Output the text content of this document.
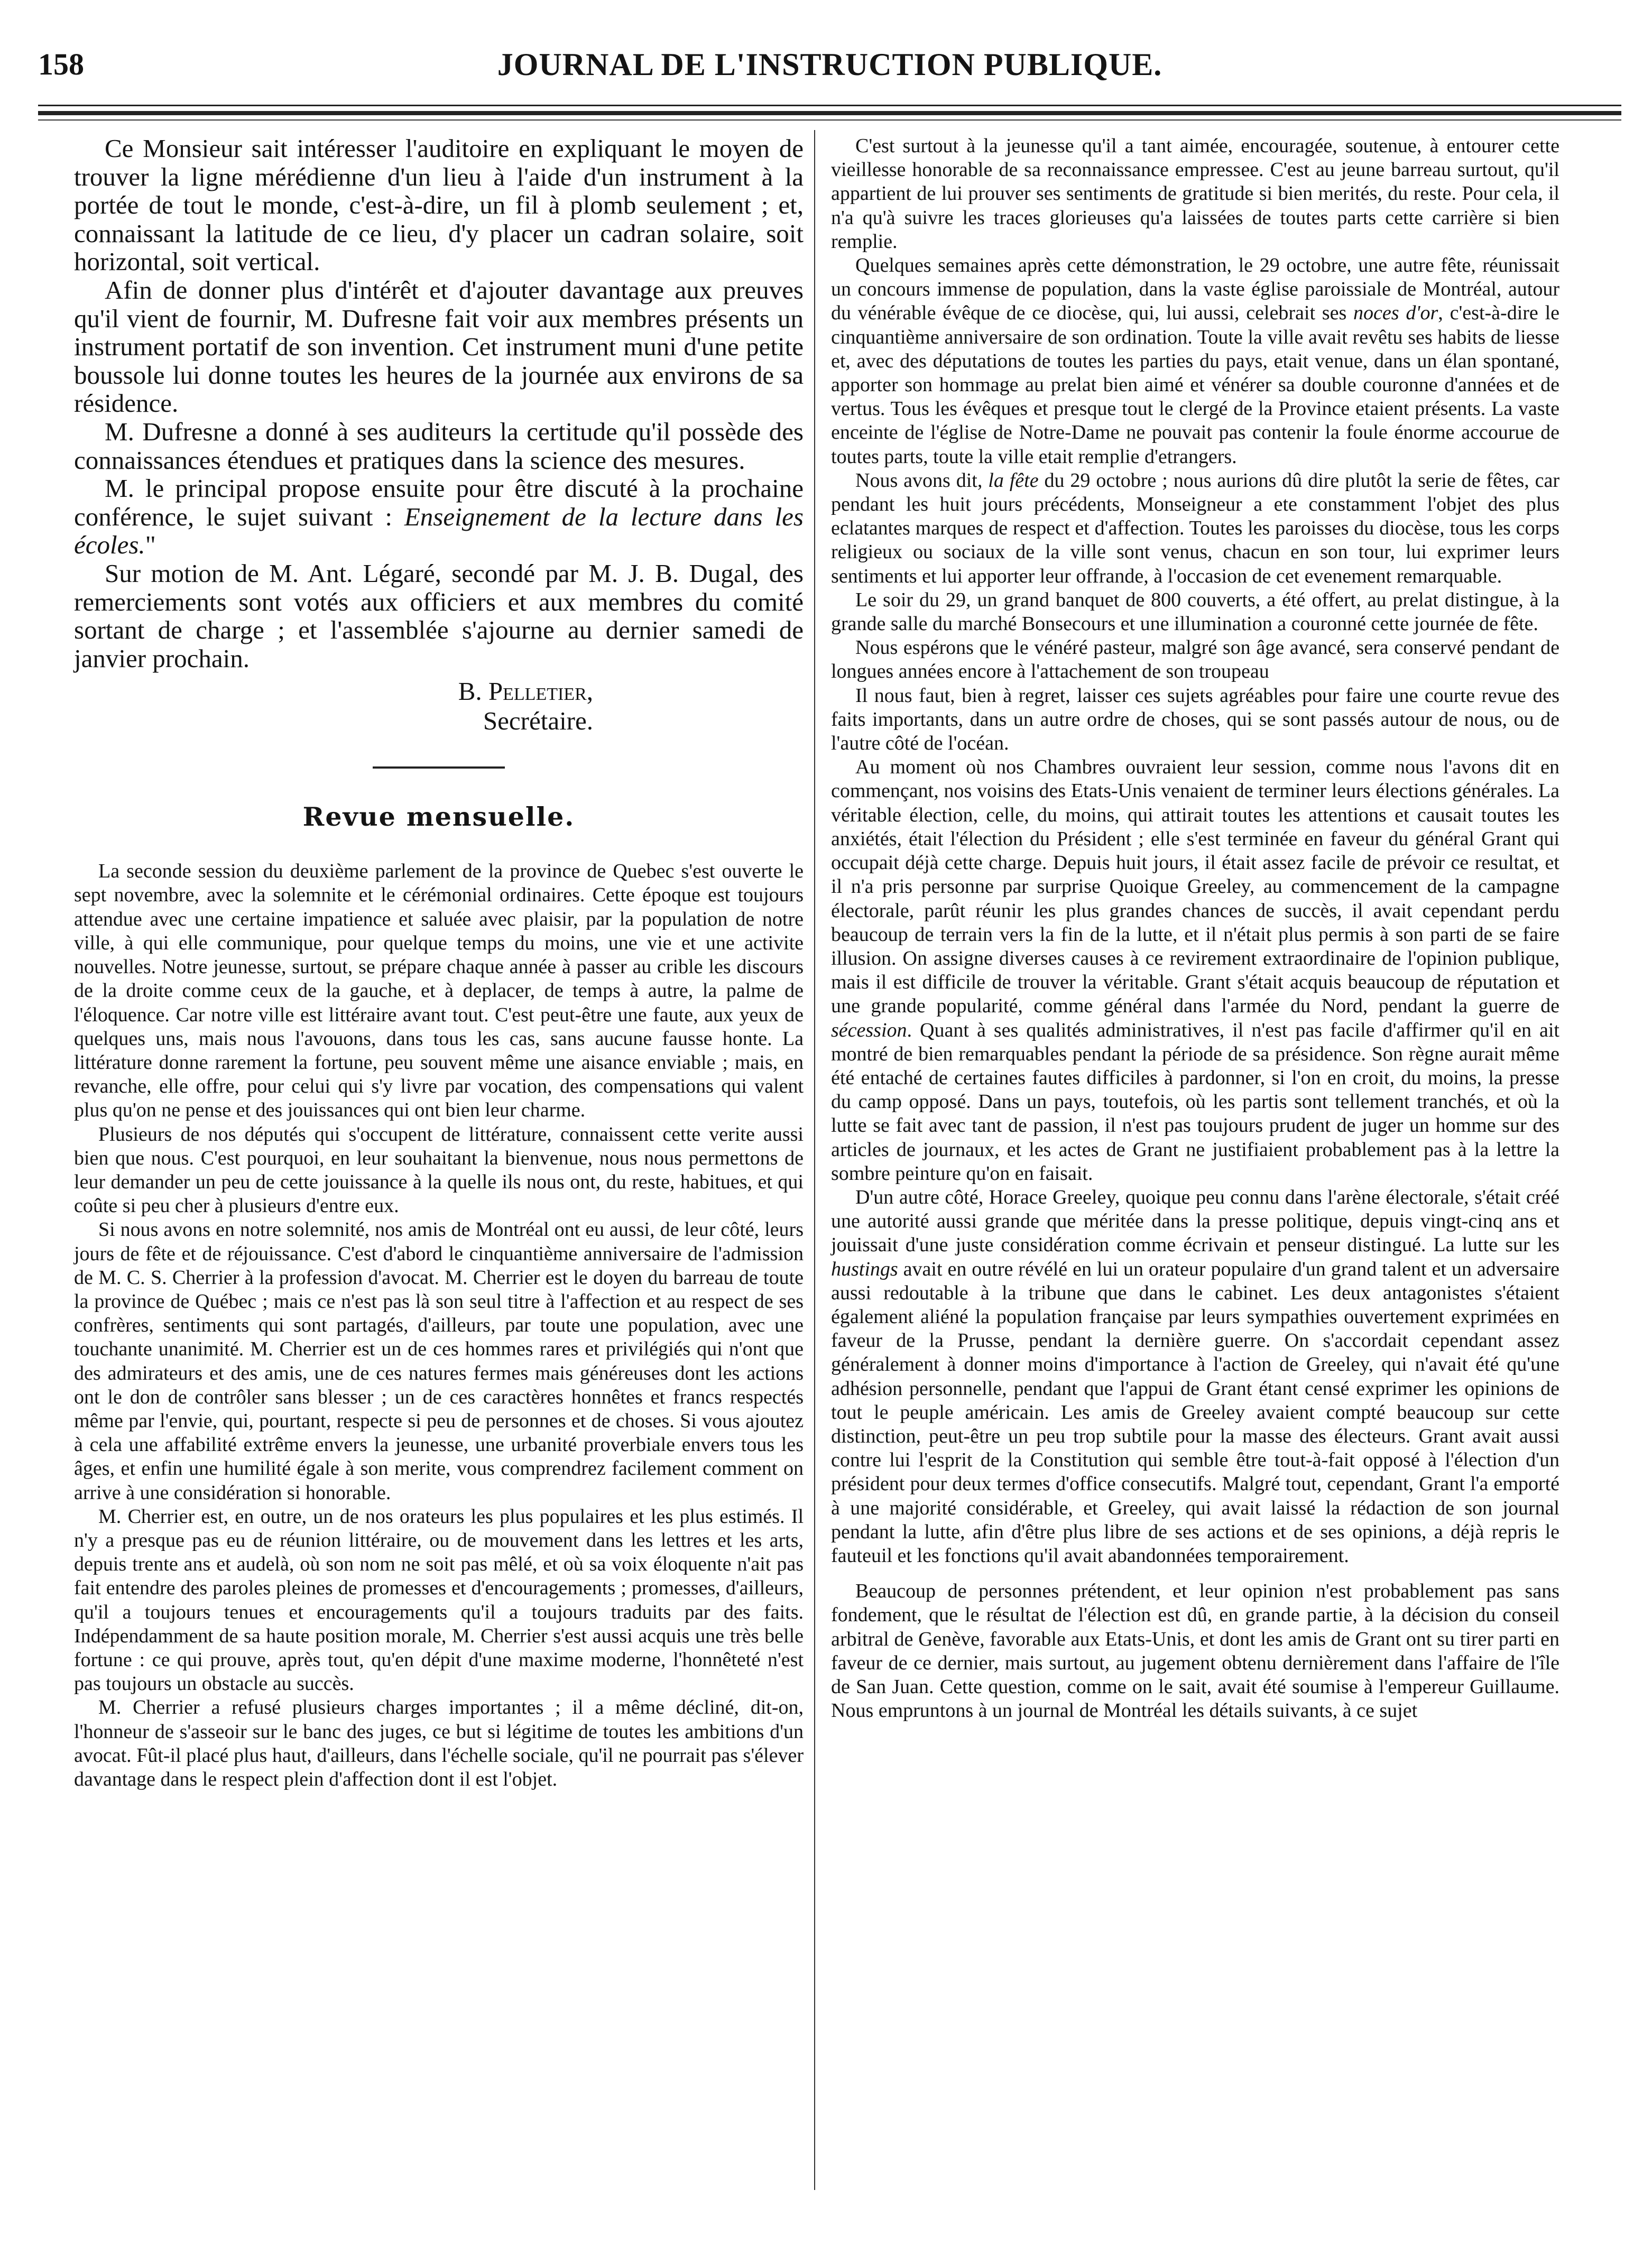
158	JOURNAL DE L'INSTRUCTION PUBLIQUE.

Ce Monsieur sait intéresser l'auditoire en expliquant le moyen de trouver la ligne mérédienne d'un lieu à l'aide d'un instrument à la portée de tout le monde, c'est-à-dire, un fil à plomb seulement ; et, connaissant la latitude de ce lieu, d'y placer un cadran solaire, soit horizontal, soit vertical.

Afin de donner plus d'intérêt et d'ajouter davantage aux preuves qu'il vient de fournir, M. Dufresne fait voir aux membres présents un instrument portatif de son invention. Cet instrument muni d'une petite boussole lui donne toutes les heures de la journée aux environs de sa résidence.

M. Dufresne a donné à ses auditeurs la certitude qu'il possède des connaissances étendues et pratiques dans la science des mesures.

M. le principal propose ensuite pour être discuté à la prochaine conférence, le sujet suivant : Enseignement de la lecture dans les écoles."

Sur motion de M. Ant. Légaré, secondé par M. J. B. Dugal, des remerciements sont votés aux officiers et aux membres du comité sortant de charge ; et l'assemblée s'ajourne au dernier samedi de janvier prochain.

B. Pelletier,
Secrétaire.
Revue mensuelle.

La seconde session du deuxième parlement de la province de Quebec s'est ouverte le sept novembre, avec la solemnite et le cérémonial ordinaires. Cette époque est toujours attendue avec une certaine impatience et saluée avec plaisir, par la population de notre ville, à qui elle communique, pour quelque temps du moins, une vie et une activite nouvelles. Notre jeunesse, surtout, se prépare chaque année à passer au crible les discours de la droite comme ceux de la gauche, et à deplacer, de temps à autre, la palme de l'éloquence. Car notre ville est littéraire avant tout. C'est peut-être une faute, aux yeux de quelques uns, mais nous l'avouons, dans tous les cas, sans aucune fausse honte. La littérature donne rarement la fortune, peu souvent même une aisance enviable ; mais, en revanche, elle offre, pour celui qui s'y livre par vocation, des compensations qui valent plus qu'on ne pense et des jouissances qui ont bien leur charme.

Plusieurs de nos députés qui s'occupent de littérature, connaissent cette verite aussi bien que nous. C'est pourquoi, en leur souhaitant la bienvenue, nous nous permettons de leur demander un peu de cette jouissance à la quelle ils nous ont, du reste, habitues, et qui coûte si peu cher à plusieurs d'entre eux.

Si nous avons en notre solemnité, nos amis de Montréal ont eu aussi, de leur côté, leurs jours de fête et de réjouissance. C'est d'abord le cinquantième anniversaire de l'admission de M. C. S. Cherrier à la profession d'avocat. M. Cherrier est le doyen du barreau de toute la province de Québec ; mais ce n'est pas là son seul titre à l'affection et au respect de ses confrères, sentiments qui sont partagés, d'ailleurs, par toute une population, avec une touchante unanimité. M. Cherrier est un de ces hommes rares et privilégiés qui n'ont que des admirateurs et des amis, une de ces natures fermes mais généreuses dont les actions ont le don de contrôler sans blesser ; un de ces caractères honnêtes et francs respectés même par l'envie, qui, pourtant, respecte si peu de personnes et de choses. Si vous ajoutez à cela une affabilité extrême envers la jeunesse, une urbanité proverbiale envers tous les âges, et enfin une humilité égale à son merite, vous comprendrez facilement comment on arrive à une considération si honorable.

M. Cherrier est, en outre, un de nos orateurs les plus populaires et les plus estimés. Il n'y a presque pas eu de réunion littéraire, ou de mouvement dans les lettres et les arts, depuis trente ans et audelà, où son nom ne soit pas mêlé, et où sa voix éloquente n'ait pas fait entendre des paroles pleines de promesses et d'encouragements ; promesses, d'ailleurs, qu'il a toujours tenues et encouragements qu'il a toujours traduits par des faits. Indépendamment de sa haute position morale, M. Cherrier s'est aussi acquis une très belle fortune : ce qui prouve, après tout, qu'en dépit d'une maxime moderne, l'honnêteté n'est pas toujours un obstacle au succès.

M. Cherrier a refusé plusieurs charges importantes ; il a même décliné, dit-on, l'honneur de s'asseoir sur le banc des juges, ce but si légitime de toutes les ambitions d'un avocat. Fût-il placé plus haut, d'ailleurs, dans l'échelle sociale, qu'il ne pourrait pas s'élever davantage dans le respect plein d'affection dont il est l'objet.

C'est surtout à la jeunesse qu'il a tant aimée, encouragée, soutenue, à entourer cette vieillesse honorable de sa reconnaissance empressee. C'est au jeune barreau surtout, qu'il appartient de lui prouver ses sentiments de gratitude si bien merités, du reste. Pour cela, il n'a qu'à suivre les traces glorieuses qu'a laissées de toutes parts cette carrière si bien remplie.

Quelques semaines après cette démonstration, le 29 octobre, une autre fête, réunissait un concours immense de population, dans la vaste église paroissiale de Montréal, autour du vénérable évêque de ce diocèse, qui, lui aussi, celebrait ses noces d'or, c'est-à-dire le cinquantième anniversaire de son ordination. Toute la ville avait revêtu ses habits de liesse et, avec des députations de toutes les parties du pays, etait venue, dans un élan spontané, apporter son hommage au prelat bien aimé et vénérer sa double couronne d'années et de vertus. Tous les évêques et presque tout le clergé de la Province etaient présents. La vaste enceinte de l'église de Notre-Dame ne pouvait pas contenir la foule énorme accourue de toutes parts, toute la ville etait remplie d'etrangers.

Nous avons dit, la fête du 29 octobre ; nous aurions dû dire plutôt la serie de fêtes, car pendant les huit jours précédents, Monseigneur a ete constamment l'objet des plus eclatantes marques de respect et d'affection. Toutes les paroisses du diocèse, tous les corps religieux ou sociaux de la ville sont venus, chacun en son tour, lui exprimer leurs sentiments et lui apporter leur offrande, à l'occasion de cet evenement remarquable.

Le soir du 29, un grand banquet de 800 couverts, a été offert, au prelat distingue, à la grande salle du marché Bonsecours et une illumination a couronné cette journée de fête.

Nous espérons que le vénéré pasteur, malgré son âge avancé, sera conservé pendant de longues années encore à l'attachement de son troupeau

Il nous faut, bien à regret, laisser ces sujets agréables pour faire une courte revue des faits importants, dans un autre ordre de choses, qui se sont passés autour de nous, ou de l'autre côté de l'océan.

Au moment où nos Chambres ouvraient leur session, comme nous l'avons dit en commençant, nos voisins des Etats-Unis venaient de terminer leurs élections générales. La véritable élection, celle, du moins, qui attirait toutes les attentions et causait toutes les anxiétés, était l'élection du Président ; elle s'est terminée en faveur du général Grant qui occupait déjà cette charge. Depuis huit jours, il était assez facile de prévoir ce resultat, et il n'a pris personne par surprise Quoique Greeley, au commencement de la campagne électorale, parût réunir les plus grandes chances de succès, il avait cependant perdu beaucoup de terrain vers la fin de la lutte, et il n'était plus permis à son parti de se faire illusion. On assigne diverses causes à ce revirement extraordinaire de l'opinion publique, mais il est difficile de trouver la véritable. Grant s'était acquis beaucoup de réputation et une grande popularité, comme général dans l'armée du Nord, pendant la guerre de sécession. Quant à ses qualités administratives, il n'est pas facile d'affirmer qu'il en ait montré de bien remarquables pendant la période de sa présidence. Son règne aurait même été entaché de certaines fautes difficiles à pardonner, si l'on en croit, du moins, la presse du camp opposé. Dans un pays, toutefois, où les partis sont tellement tranchés, et où la lutte se fait avec tant de passion, il n'est pas toujours prudent de juger un homme sur des articles de journaux, et les actes de Grant ne justifiaient probablement pas à la lettre la sombre peinture qu'on en faisait.

D'un autre côté, Horace Greeley, quoique peu connu dans l'arène électorale, s'était créé une autorité aussi grande que méritée dans la presse politique, depuis vingt-cinq ans et jouissait d'une juste considération comme écrivain et penseur distingué. La lutte sur les hustings avait en outre révélé en lui un orateur populaire d'un grand talent et un adversaire aussi redoutable à la tribune que dans le cabinet. Les deux antagonistes s'étaient également aliéné la population française par leurs sympathies ouvertement exprimées en faveur de la Prusse, pendant la dernière guerre. On s'accordait cependant assez généralement à donner moins d'importance à l'action de Greeley, qui n'avait été qu'une adhésion personnelle, pendant que l'appui de Grant étant censé exprimer les opinions de tout le peuple américain. Les amis de Greeley avaient compté beaucoup sur cette distinction, peut-être un peu trop subtile pour la masse des électeurs. Grant avait aussi contre lui l'esprit de la Constitution qui semble être tout-à-fait opposé à l'élection d'un président pour deux termes d'office consecutifs. Malgré tout, cependant, Grant l'a emporté à une majorité considérable, et Greeley, qui avait laissé la rédaction de son journal pendant la lutte, afin d'être plus libre de ses actions et de ses opinions, a déjà repris le fauteuil et les fonctions qu'il avait abandonnées temporairement.

Beaucoup de personnes prétendent, et leur opinion n'est probablement pas sans fondement, que le résultat de l'élection est dû, en grande partie, à la décision du conseil arbitral de Genève, favorable aux Etats-Unis, et dont les amis de Grant ont su tirer parti en faveur de ce dernier, mais surtout, au jugement obtenu dernièrement dans l'affaire de l'île de San Juan. Cette question, comme on le sait, avait été soumise à l'empereur Guillaume. Nous empruntons à un journal de Montréal les détails suivants, à ce sujet
